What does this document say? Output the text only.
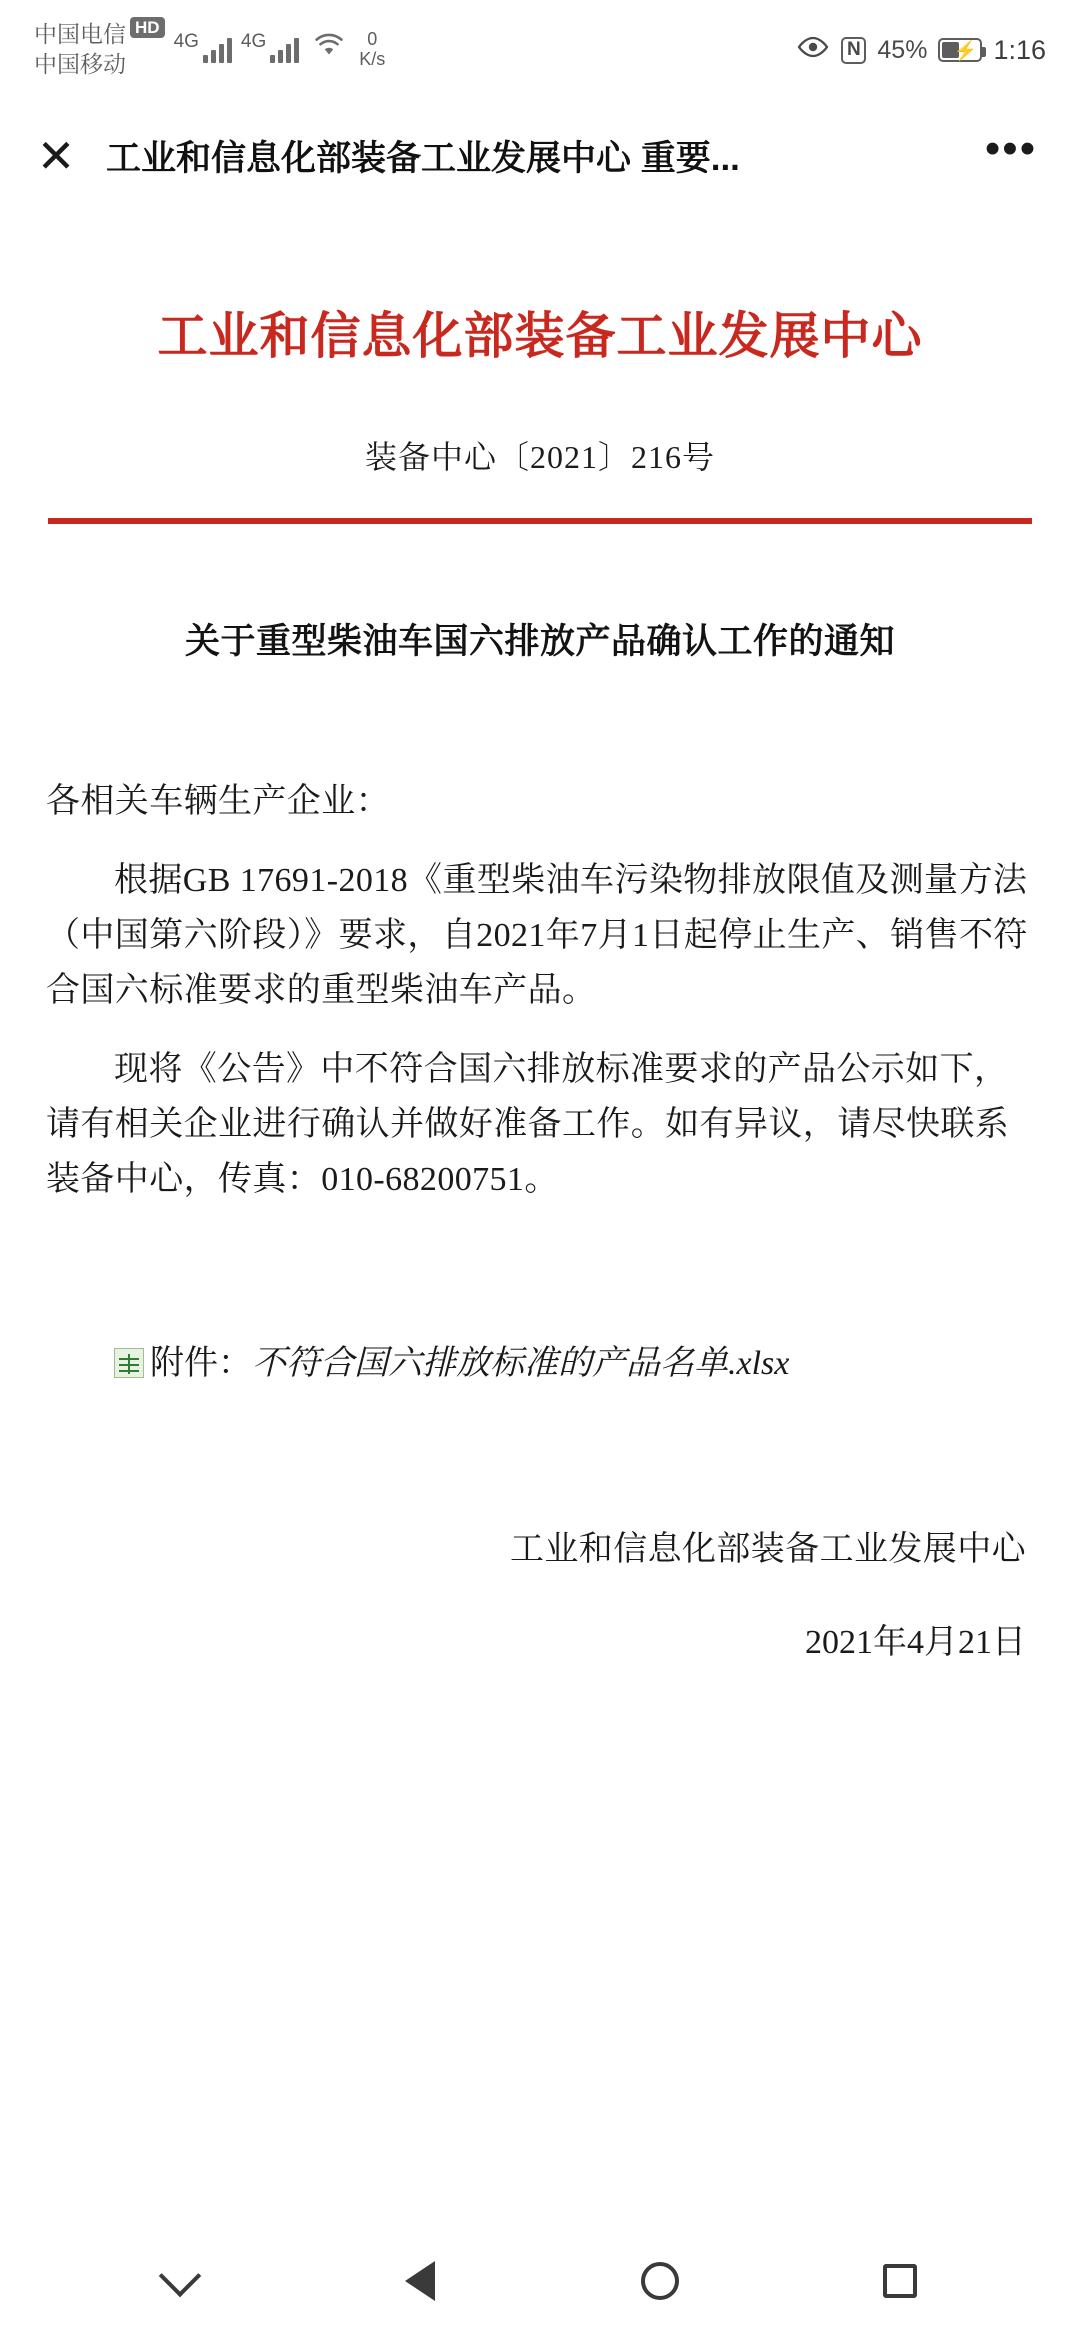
中国电信 $^{HD}$
中国移动
4G 4G	0
K/s	N 45% ⚡ 1:16
✕ 工业和信息化部装备工业发展中心 重要...	•••
工业和信息化部装备工业发展中心
装备中心〔2021〕216号
关于重型柴油车国六排放产品确认工作的通知

各相关车辆生产企业：

根据GB 17691-2018《重型柴油车污染物排放限值及测量方法（中国第六阶段）》要求，自2021年7月1日起停止生产、销售不符合国六标准要求的重型柴油车产品。

现将《公告》中不符合国六排放标准要求的产品公示如下，请有相关企业进行确认并做好准备工作。如有异议，请尽快联系装备中心，传真：010-68200751。

附件：不符合国六排放标准的产品名单.xlsx
工业和信息化部装备工业发展中心
2021年4月21日
